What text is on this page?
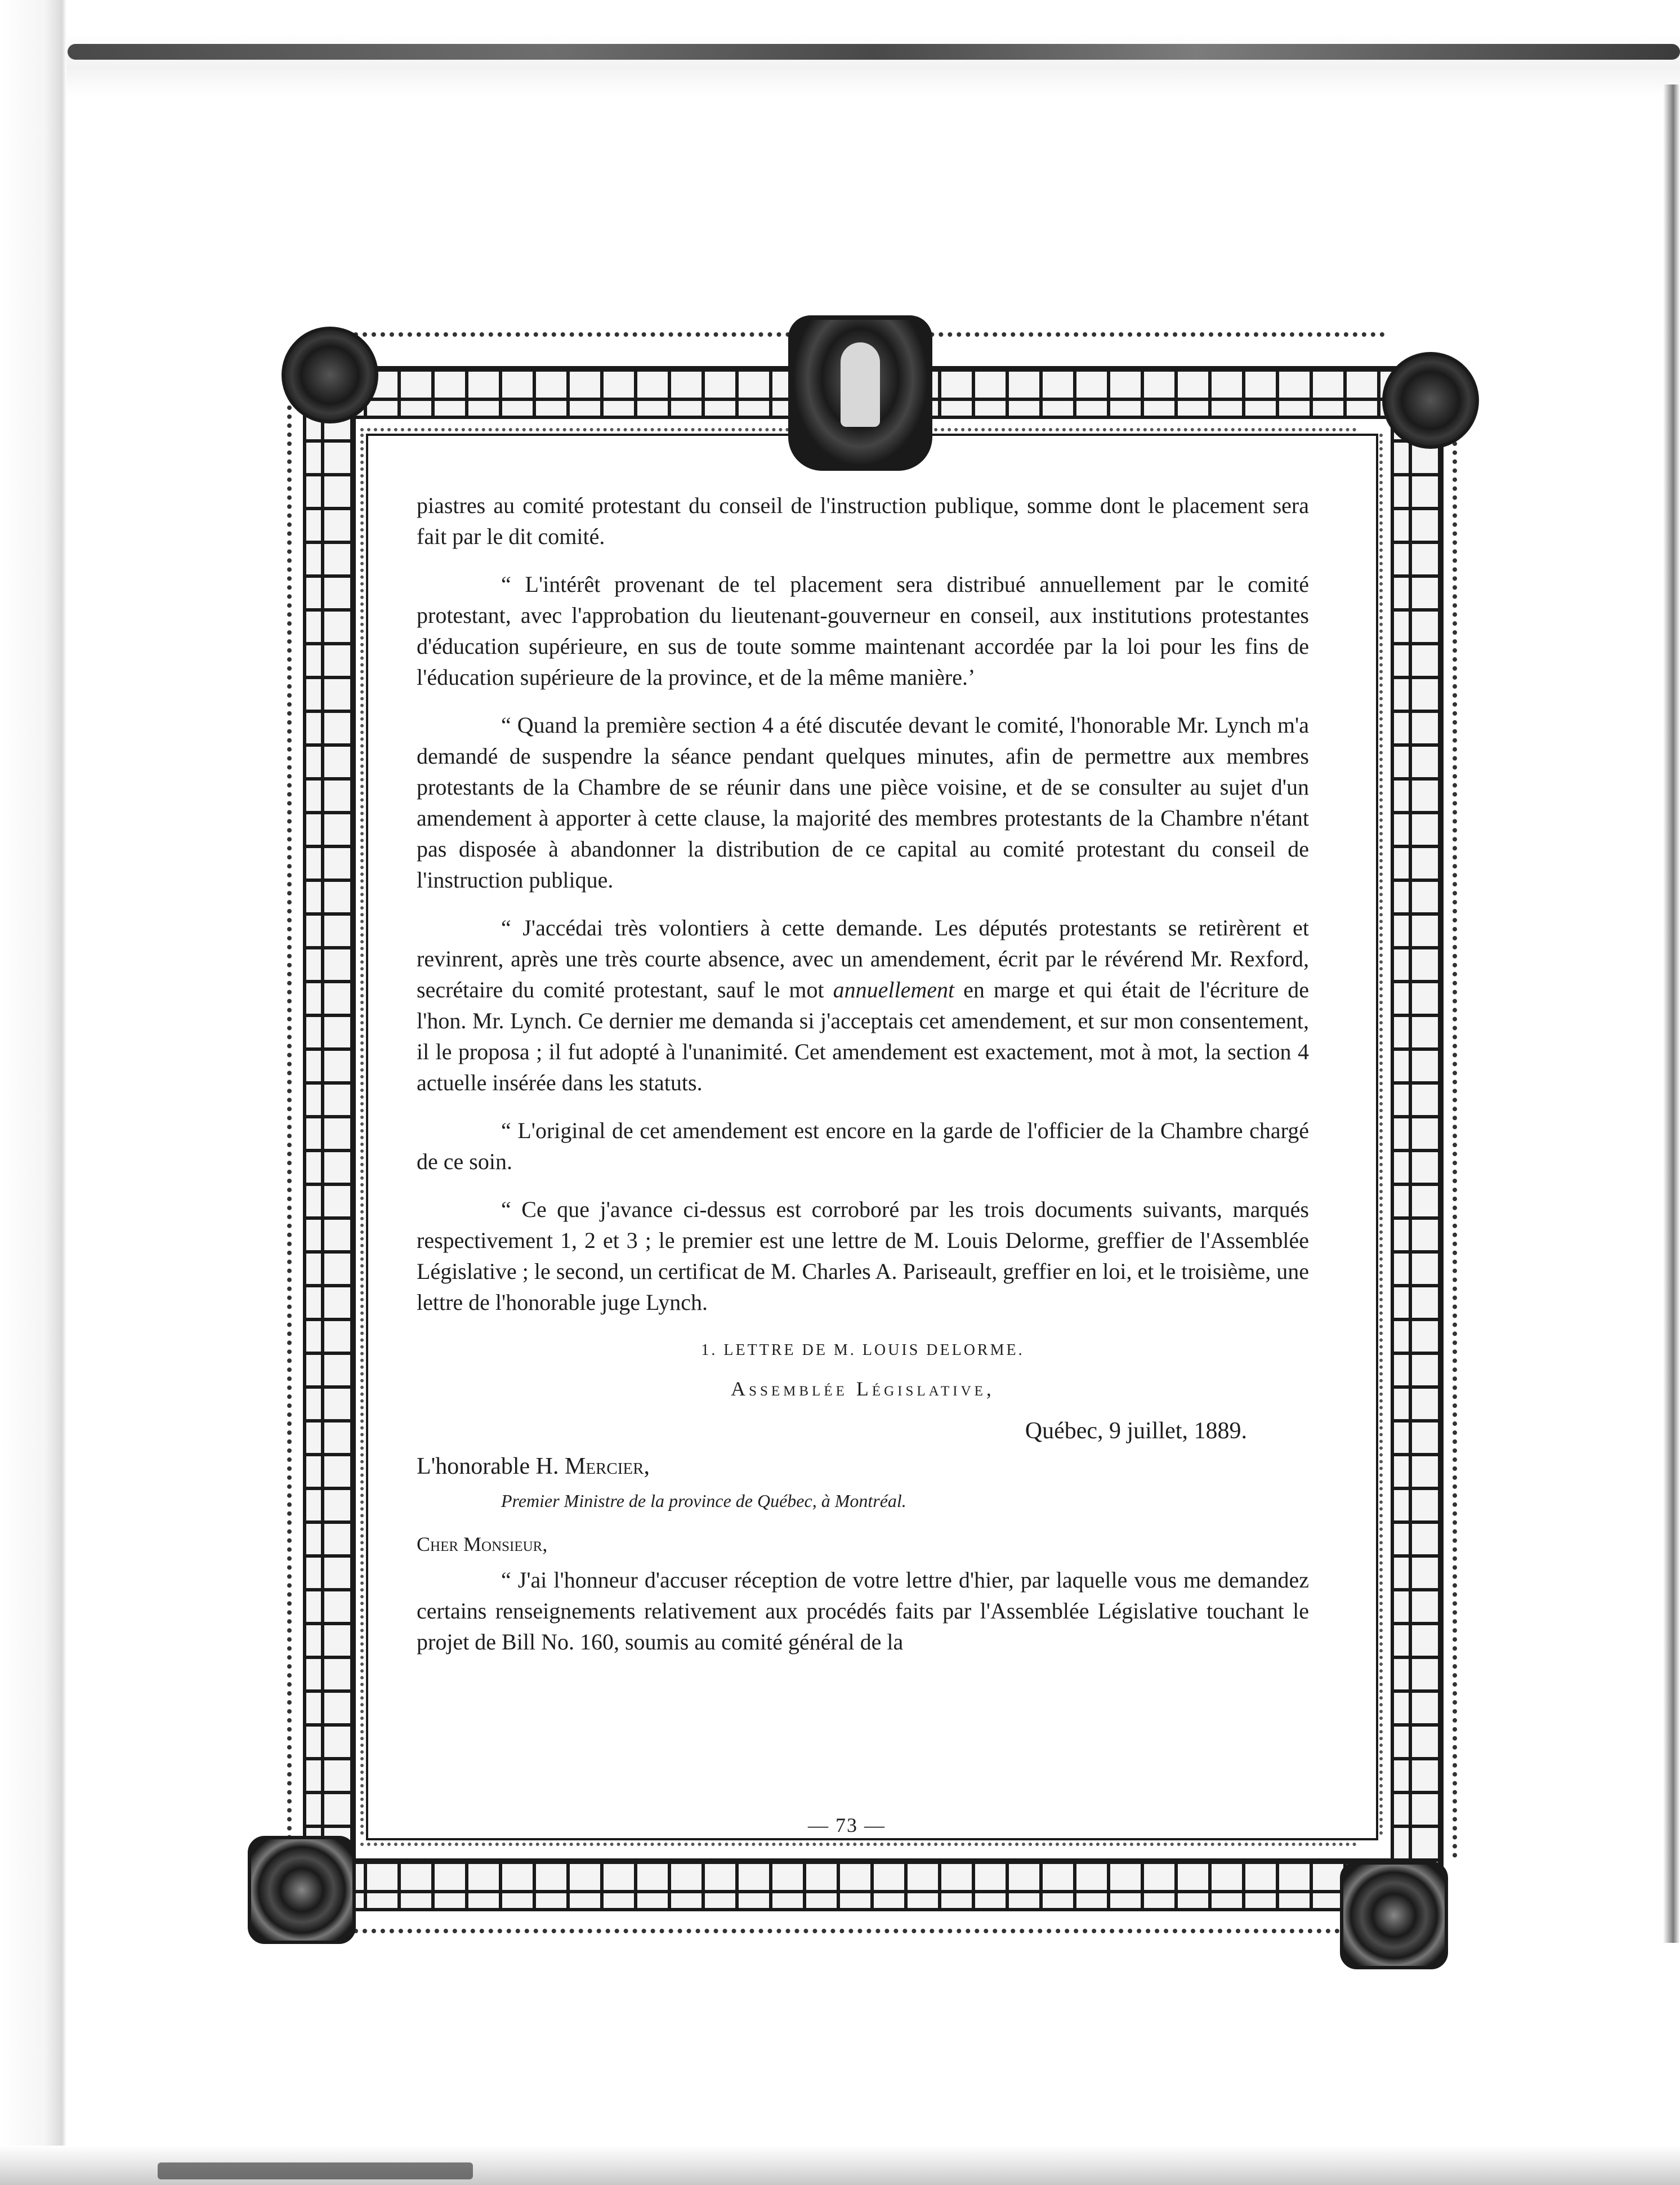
piastres au comité protestant du conseil de l'instruction publique, somme dont le placement sera fait par le dit comité.

“ L'intérêt provenant de tel placement sera distribué annuellement par le comité protestant, avec l'approbation du lieutenant-gouverneur en conseil, aux institutions protestantes d'éducation supérieure, en sus de toute somme maintenant accordée par la loi pour les fins de l'éducation supérieure de la province, et de la même manière.’

“ Quand la première section 4 a été discutée devant le comité, l'honorable Mr. Lynch m'a demandé de suspendre la séance pendant quelques minutes, afin de permettre aux membres protestants de la Chambre de se réunir dans une pièce voisine, et de se consulter au sujet d'un amendement à apporter à cette clause, la majorité des membres protestants de la Chambre n'étant pas disposée à abandonner la distribution de ce capital au comité protestant du conseil de l'instruction publique.

“ J'accédai très volontiers à cette demande. Les députés protestants se retirèrent et revinrent, après une très courte absence, avec un amendement, écrit par le révérend Mr. Rexford, secrétaire du comité protestant, sauf le mot annuellement en marge et qui était de l'écriture de l'hon. Mr. Lynch. Ce dernier me demanda si j'acceptais cet amendement, et sur mon consentement, il le proposa ; il fut adopté à l'unanimité. Cet amendement est exactement, mot à mot, la section 4 actuelle insérée dans les statuts.

“ L'original de cet amendement est encore en la garde de l'officier de la Chambre chargé de ce soin.

“ Ce que j'avance ci-dessus est corroboré par les trois documents suivants, marqués respectivement 1, 2 et 3 ; le premier est une lettre de M. Louis Delorme, greffier de l'Assemblée Législative ; le second, un certificat de M. Charles A. Pariseault, greffier en loi, et le troisième, une lettre de l'honorable juge Lynch.

1. LETTRE DE M. LOUIS DELORME.
Assemblée Législative,
Québec, 9 juillet, 1889.
L'honorable H. Mercier,
Premier Ministre de la province de Québec, à Montréal.
Cher Monsieur,

“ J'ai l'honneur d'accuser réception de votre lettre d'hier, par laquelle vous me demandez certains renseignements relativement aux procédés faits par l'Assemblée Législative touchant le projet de Bill No. 160, soumis au comité général de la

— 73 —
